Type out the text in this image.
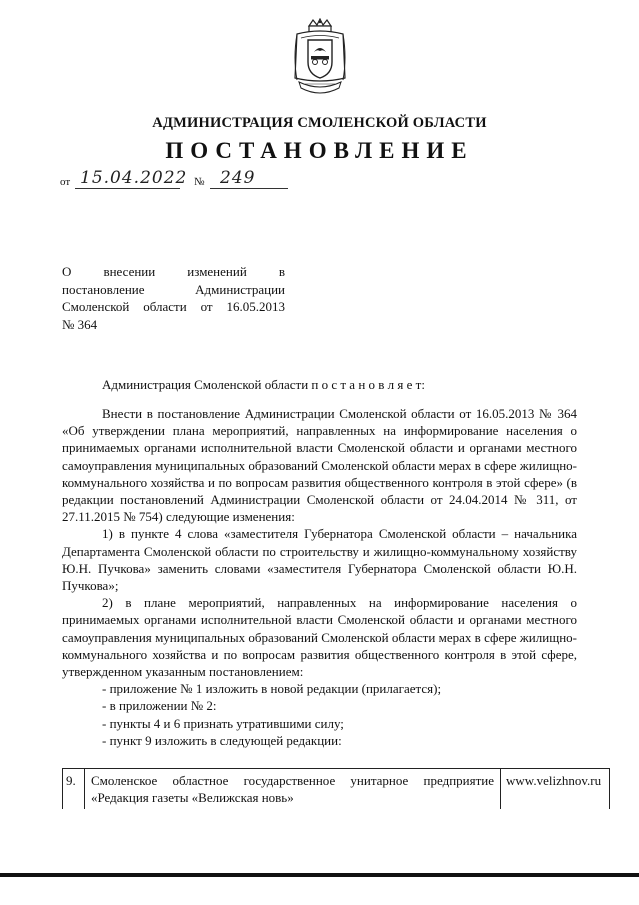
АДМИНИСТРАЦИЯ СМОЛЕНСКОЙ ОБЛАСТИ
ПОСТАНОВЛЕНИЕ
от 15.04.2022 № 249
О внесении изменений в
постановление Администрации
Смоленской области от 16.05.2013
№ 364
Администрация Смоленской области п о с т а н о в л я е т:

Внести в постановление Администрации Смоленской области от 16.05.2013 № 364 «Об утверждении плана мероприятий, направленных на информирование населения о принимаемых органами исполнительной власти Смоленской области и органами местного самоуправления муниципальных образований Смоленской области мерах в сфере жилищно-коммунального хозяйства и по вопросам развития общественного контроля в этой сфере» (в редакции постановлений Администрации Смоленской области от 24.04.2014 № 311, от 27.11.2015 № 754) следующие изменения:

1) в пункте 4 слова «заместителя Губернатора Смоленской области – начальника Департамента Смоленской области по строительству и жилищно-коммунальному хозяйству Ю.Н. Пучкова» заменить словами «заместителя Губернатора Смоленской области Ю.Н. Пучкова»;

2) в плане мероприятий, направленных на информирование населения о принимаемых органами исполнительной власти Смоленской области и органами местного самоуправления муниципальных образований Смоленской области мерах в сфере жилищно-коммунального хозяйства и по вопросам развития общественного контроля в этой сфере, утвержденном указанным постановлением:

- приложение № 1 изложить в новой редакции (прилагается);

- в приложении № 2:

- пункты 4 и 6 признать утратившими силу;

- пункт 9 изложить в следующей редакции:

9.	Смоленское областное государственное унитарное предприятие «Редакция газеты «Велижская новь»
www.velizhnov.ru
